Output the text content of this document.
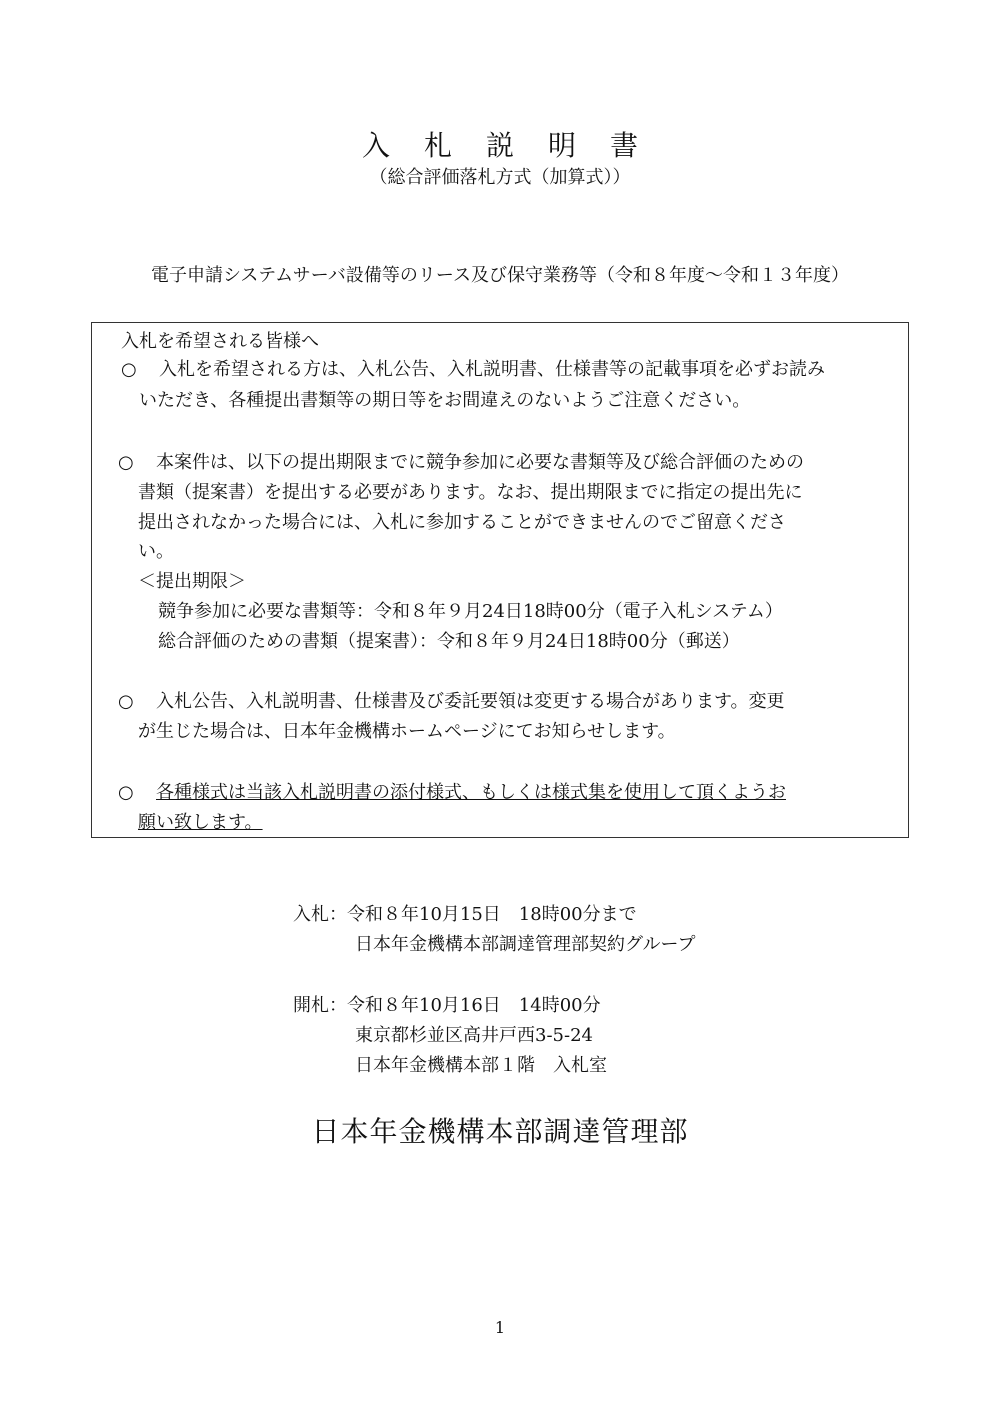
入札説明書
（総合評価落札方式（加算式））
電子申請システムサーバ設備等のリース及び保守業務等（令和８年度～令和１３年度）
入札を希望される皆様へ
○ 入札を希望される方は、入札公告、入札説明書、仕様書等の記載事項を必ずお読み
いただき、各種提出書類等の期日等をお間違えのないようご注意ください。
○ 本案件は、以下の提出期限までに競争参加に必要な書類等及び総合評価のための
書類（提案書）を提出する必要があります。なお、提出期限までに指定の提出先に
提出されなかった場合には、入札に参加することができませんのでご留意くださ
い。
＜提出期限＞
競争参加に必要な書類等：令和８年９月24日18時00分（電子入札システム）
総合評価のための書類（提案書）：令和８年９月24日18時00分（郵送）
○ 入札公告、入札説明書、仕様書及び委託要領は変更する場合があります。変更
が生じた場合は、日本年金機構ホームページにてお知らせします。
○ 各種様式は当該入札説明書の添付様式、もしくは様式集を使用して頂くようお
願い致します。
入札：令和８年10月15日　18時00分まで
日本年金機構本部調達管理部契約グループ
開札：令和８年10月16日　14時00分
東京都杉並区高井戸西3-5-24
日本年金機構本部１階　入札室
日本年金機構本部調達管理部
1
